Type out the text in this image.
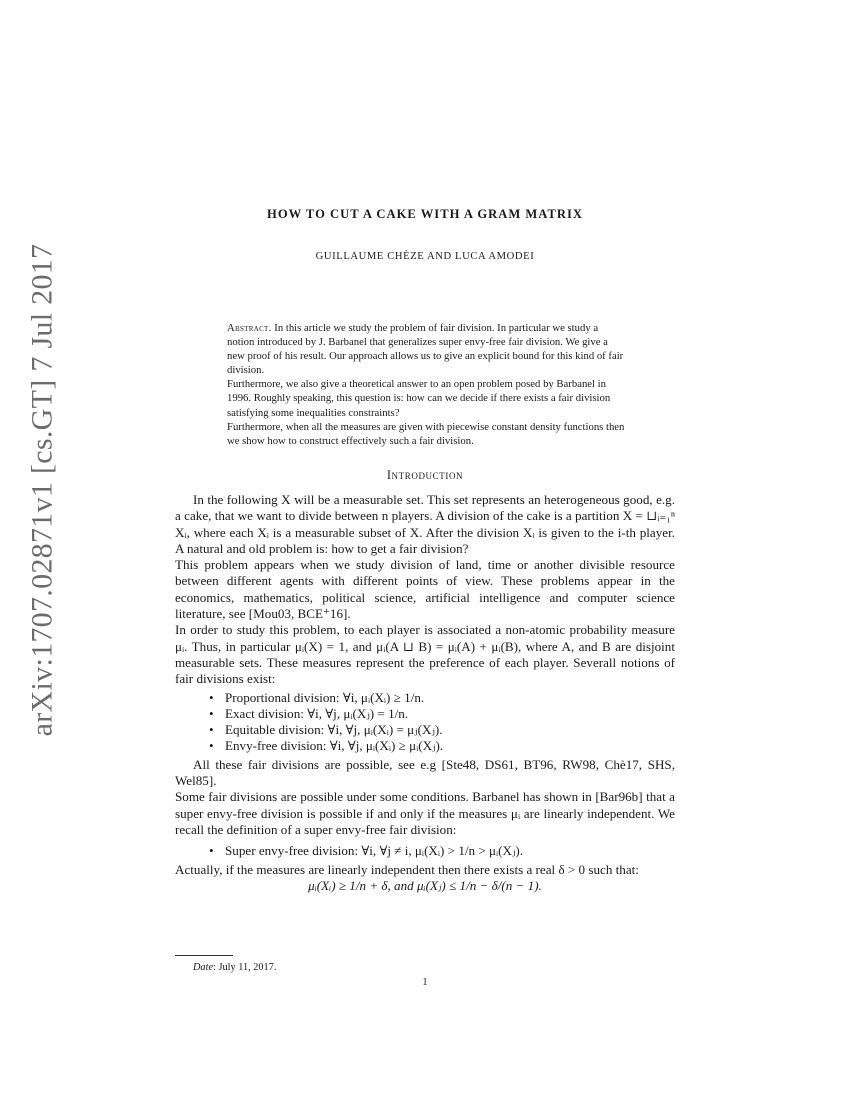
arXiv:1707.02871v1 [cs.GT] 7 Jul 2017
HOW TO CUT A CAKE WITH A GRAM MATRIX
GUILLAUME CHÈZE AND LUCA AMODEI

Abstract. In this article we study the problem of fair division. In particular we study a notion introduced by J. Barbanel that generalizes super envy-free fair division. We give a new proof of his result. Our approach allows us to give an explicit bound for this kind of fair division.

Furthermore, we also give a theoretical answer to an open problem posed by Barbanel in 1996. Roughly speaking, this question is: how can we decide if there exists a fair division satisfying some inequalities constraints?

Furthermore, when all the measures are given with piecewise constant density functions then we show how to construct effectively such a fair division.

Introduction

In the following X will be a measurable set. This set represents an heterogeneous good, e.g. a cake, that we want to divide between n players. A division of the cake is a partition X = ⊔ᵢ₌₁ⁿ Xᵢ, where each Xᵢ is a measurable subset of X. After the division Xᵢ is given to the i-th player. A natural and old problem is: how to get a fair division?

This problem appears when we study division of land, time or another divisible resource between different agents with different points of view. These problems appear in the economics, mathematics, political science, artificial intelligence and computer science literature, see [Mou03, BCE⁺16].

In order to study this problem, to each player is associated a non-atomic probability measure μᵢ. Thus, in particular μᵢ(X) = 1, and μᵢ(A ⊔ B) = μᵢ(A) + μᵢ(B), where A, and B are disjoint measurable sets. These measures represent the preference of each player. Severall notions of fair divisions exist:

• Proportional division: ∀i, μᵢ(Xᵢ) ≥ 1/n.
• Exact division: ∀i, ∀j, μᵢ(Xⱼ) = 1/n.
• Equitable division: ∀i, ∀j, μᵢ(Xᵢ) = μⱼ(Xⱼ).
• Envy-free division: ∀i, ∀j, μᵢ(Xᵢ) ≥ μᵢ(Xⱼ).

All these fair divisions are possible, see e.g [Ste48, DS61, BT96, RW98, Chè17, SHS, Wel85].

Some fair divisions are possible under some conditions. Barbanel has shown in [Bar96b] that a super envy-free division is possible if and only if the measures μᵢ are linearly independent. We recall the definition of a super envy-free fair division:

• Super envy-free division: ∀i, ∀j ≠ i, μᵢ(Xᵢ) > 1/n > μᵢ(Xⱼ).

Actually, if the measures are linearly independent then there exists a real δ > 0 such that:

μᵢ(Xᵢ) ≥ 1/n + δ, and μᵢ(Xⱼ) ≤ 1/n − δ/(n − 1).

Date: July 11, 2017.
1
